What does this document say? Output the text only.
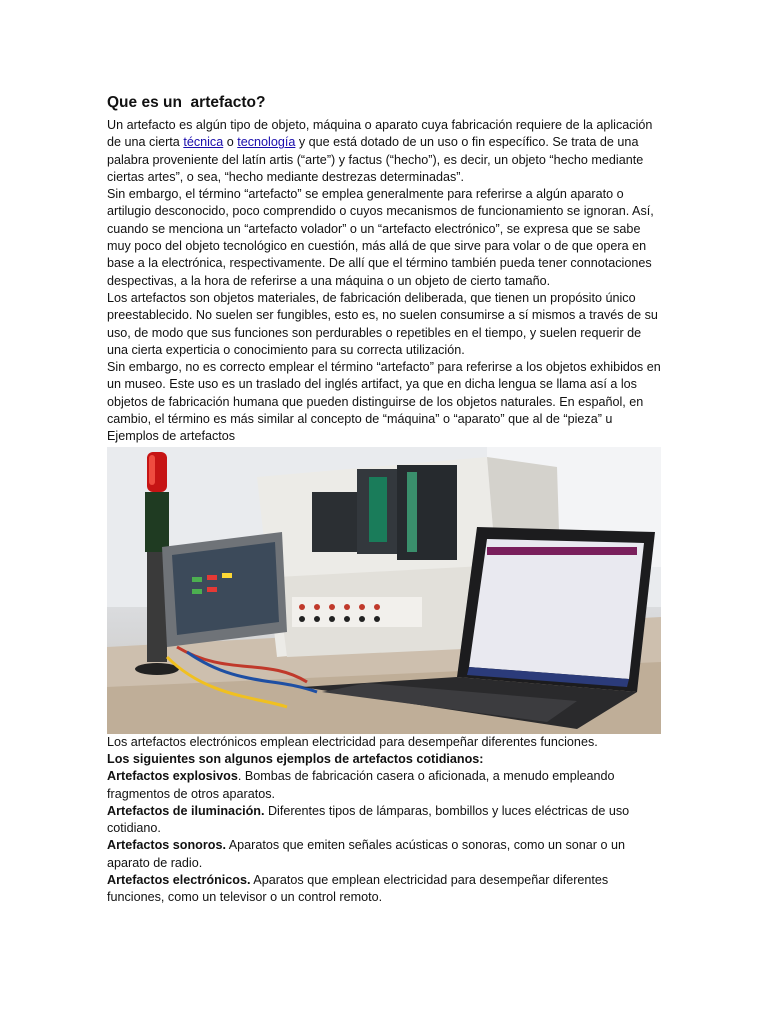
Que es un  artefacto?

Un artefacto es algún tipo de objeto, máquina o aparato cuya fabricación requiere de la aplicación de una cierta técnica o tecnología y que está dotado de un uso o fin específico. Se trata de una palabra proveniente del latín artis (“arte”) y factus (“hecho”), es decir, un objeto “hecho mediante ciertas artes”, o sea, “hecho mediante destrezas determinadas”.

Sin embargo, el término “artefacto” se emplea generalmente para referirse a algún aparato o artilugio desconocido, poco comprendido o cuyos mecanismos de funcionamiento se ignoran. Así, cuando se menciona un “artefacto volador” o un “artefacto electrónico”, se expresa que se sabe muy poco del objeto tecnológico en cuestión, más allá de que sirve para volar o de que opera en base a la electrónica, respectivamente. De allí que el término también pueda tener connotaciones despectivas, a la hora de referirse a una máquina o un objeto de cierto tamaño.

Los artefactos son objetos materiales, de fabricación deliberada, que tienen un propósito único preestablecido. No suelen ser fungibles, esto es, no suelen consumirse a sí mismos a través de su uso, de modo que sus funciones son perdurables o repetibles en el tiempo, y suelen requerir de una cierta experticia o conocimiento para su correcta utilización.

Sin embargo, no es correcto emplear el término “artefacto” para referirse a los objetos exhibidos en un museo. Este uso es un traslado del inglés artifact, ya que en dicha lengua se llama así a los objetos de fabricación humana que pueden distinguirse de los objetos naturales. En español, en cambio, el término es más similar al concepto de “máquina” o “aparato” que al de “pieza” u

Ejemplos de artefactos

Los artefactos electrónicos emplean electricidad para desempeñar diferentes funciones.

Los siguientes son algunos ejemplos de artefactos cotidianos:

Artefactos explosivos. Bombas de fabricación casera o aficionada, a menudo empleando fragmentos de otros aparatos.

Artefactos de iluminación. Diferentes tipos de lámparas, bombillos y luces eléctricas de uso cotidiano.

Artefactos sonoros. Aparatos que emiten señales acústicas o sonoras, como un sonar o un aparato de radio.

Artefactos electrónicos. Aparatos que emplean electricidad para desempeñar diferentes funciones, como un televisor o un control remoto.
